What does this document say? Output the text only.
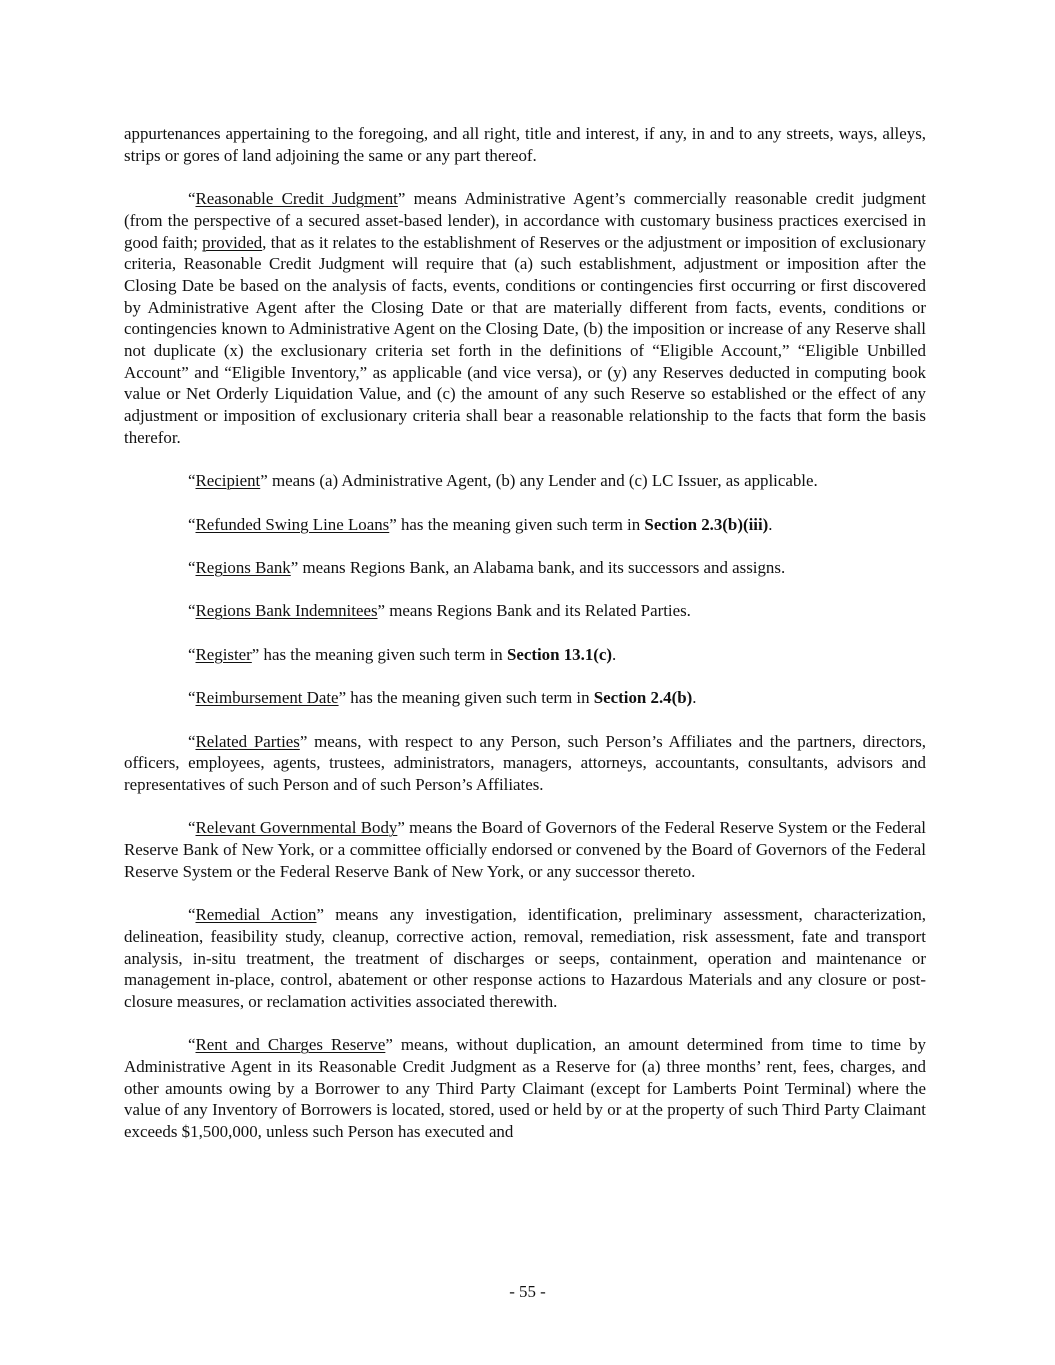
appurtenances appertaining to the foregoing, and all right, title and interest, if any, in and to any streets, ways, alleys, strips or gores of land adjoining the same or any part thereof.

“Reasonable Credit Judgment” means Administrative Agent’s commercially reasonable credit judgment (from the perspective of a secured asset-based lender), in accordance with customary business practices exercised in good faith; provided, that as it relates to the establishment of Reserves or the adjustment or imposition of exclusionary criteria, Reasonable Credit Judgment will require that (a) such establishment, adjustment or imposition after the Closing Date be based on the analysis of facts, events, conditions or contingencies first occurring or first discovered by Administrative Agent after the Closing Date or that are materially different from facts, events, conditions or contingencies known to Administrative Agent on the Closing Date, (b) the imposition or increase of any Reserve shall not duplicate (x) the exclusionary criteria set forth in the definitions of “Eligible Account,” “Eligible Unbilled Account” and “Eligible Inventory,” as applicable (and vice versa), or (y) any Reserves deducted in computing book value or Net Orderly Liquidation Value, and (c) the amount of any such Reserve so established or the effect of any adjustment or imposition of exclusionary criteria shall bear a reasonable relationship to the facts that form the basis therefor.

“Recipient” means (a) Administrative Agent, (b) any Lender and (c) LC Issuer, as applicable.

“Refunded Swing Line Loans” has the meaning given such term in Section 2.3(b)(iii).

“Regions Bank” means Regions Bank, an Alabama bank, and its successors and assigns.

“Regions Bank Indemnitees” means Regions Bank and its Related Parties.

“Register” has the meaning given such term in Section 13.1(c).

“Reimbursement Date” has the meaning given such term in Section 2.4(b).

“Related Parties” means, with respect to any Person, such Person’s Affiliates and the partners, directors, officers, employees, agents, trustees, administrators, managers, attorneys, accountants, consultants, advisors and representatives of such Person and of such Person’s Affiliates.

“Relevant Governmental Body” means the Board of Governors of the Federal Reserve System or the Federal Reserve Bank of New York, or a committee officially endorsed or convened by the Board of Governors of the Federal Reserve System or the Federal Reserve Bank of New York, or any successor thereto.

“Remedial Action” means any investigation, identification, preliminary assessment, characterization, delineation, feasibility study, cleanup, corrective action, removal, remediation, risk assessment, fate and transport analysis, in-situ treatment, the treatment of discharges or seeps, containment, operation and maintenance or management in-place, control, abatement or other response actions to Hazardous Materials and any closure or post-closure measures, or reclamation activities associated therewith.

“Rent and Charges Reserve” means, without duplication, an amount determined from time to time by Administrative Agent in its Reasonable Credit Judgment as a Reserve for (a) three months’ rent, fees, charges, and other amounts owing by a Borrower to any Third Party Claimant (except for Lamberts Point Terminal) where the value of any Inventory of Borrowers is located, stored, used or held by or at the property of such Third Party Claimant exceeds $1,500,000, unless such Person has executed and

- 55 -
